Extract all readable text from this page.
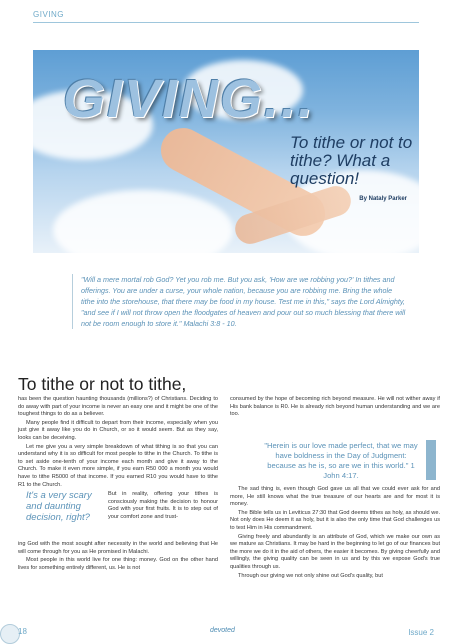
GIVING
GIVING...
To tithe or not to tithe? What a question!
By Nataly Parker
"Will a mere mortal rob God? Yet you rob me. But you ask, 'How are we robbing you?' In tithes and offerings. You are under a curse, your whole nation, because you are robbing me. Bring the whole tithe into the storehouse, that there may be food in my house. Test me in this," says the Lord Almighty, "and see if I will not throw open the floodgates of heaven and pour out so much blessing that there will not be room enough to store it." Malachi 3:8 - 10.
To tithe or not to tithe,

has been the question haunting thousands (millions?) of Christians. Deciding to do away with part of your income is never an easy one and it might be one of the toughest things to do as a believer.

Many people find it difficult to depart from their income, especially when you just give it away like you do in Church, or so it would seem. But as they say, looks can be deceiving.

Let me give you a very simple breakdown of what tithing is so that you can understand why it is so difficult for most people to tithe in the Church. To tithe is to set aside one-tenth of your income each month and give it away to the Church. To make it even more simple, if you earn R50 000 a month you would have to tithe R5000 of that income. If you earned R10 you would have to tithe R1 to the Church.

It's a very scary and daunting decision, right?

But in reality, offering your tithes is consciously making the decision to honour God with your first fruits. It is to step out of your comfort zone and trust-

ing God with the most sought after necessity in the world and believing that He will come through for you as He promised in Malachi.

Most people in this world live for one thing: money. God on the other hand lives for something entirely different, us. He is not

consumed by the hope of becoming rich beyond measure. He will not wither away if His bank balance is R0. He is already rich beyond human understanding and we are too.

"Herein is our love made perfect, that we may have boldness in the Day of Judgment: because as he is, so are we in this world." 1 John 4:17.

The sad thing is, even though God gave us all that we could ever ask for and more, He still knows what the true treasure of our hearts are and for most it is money.

The Bible tells us in Leviticus 27:30 that God deems tithes as holy, as should we. Not only does He deem it as holy, but it is also the only time that God challenges us to test Him in His commandment.

Giving freely and abundantly is an attribute of God, which we make our own as we mature as Christians. It may be hard in the beginning to let go of our finances but the more we do it in the aid of others, the easier it becomes. By giving cheerfully and willingly, the giving quality can be seen in us and by this we expose God's true qualities through us.

Through our giving we not only shine out God's quality, but

18	devoted	Issue 2
